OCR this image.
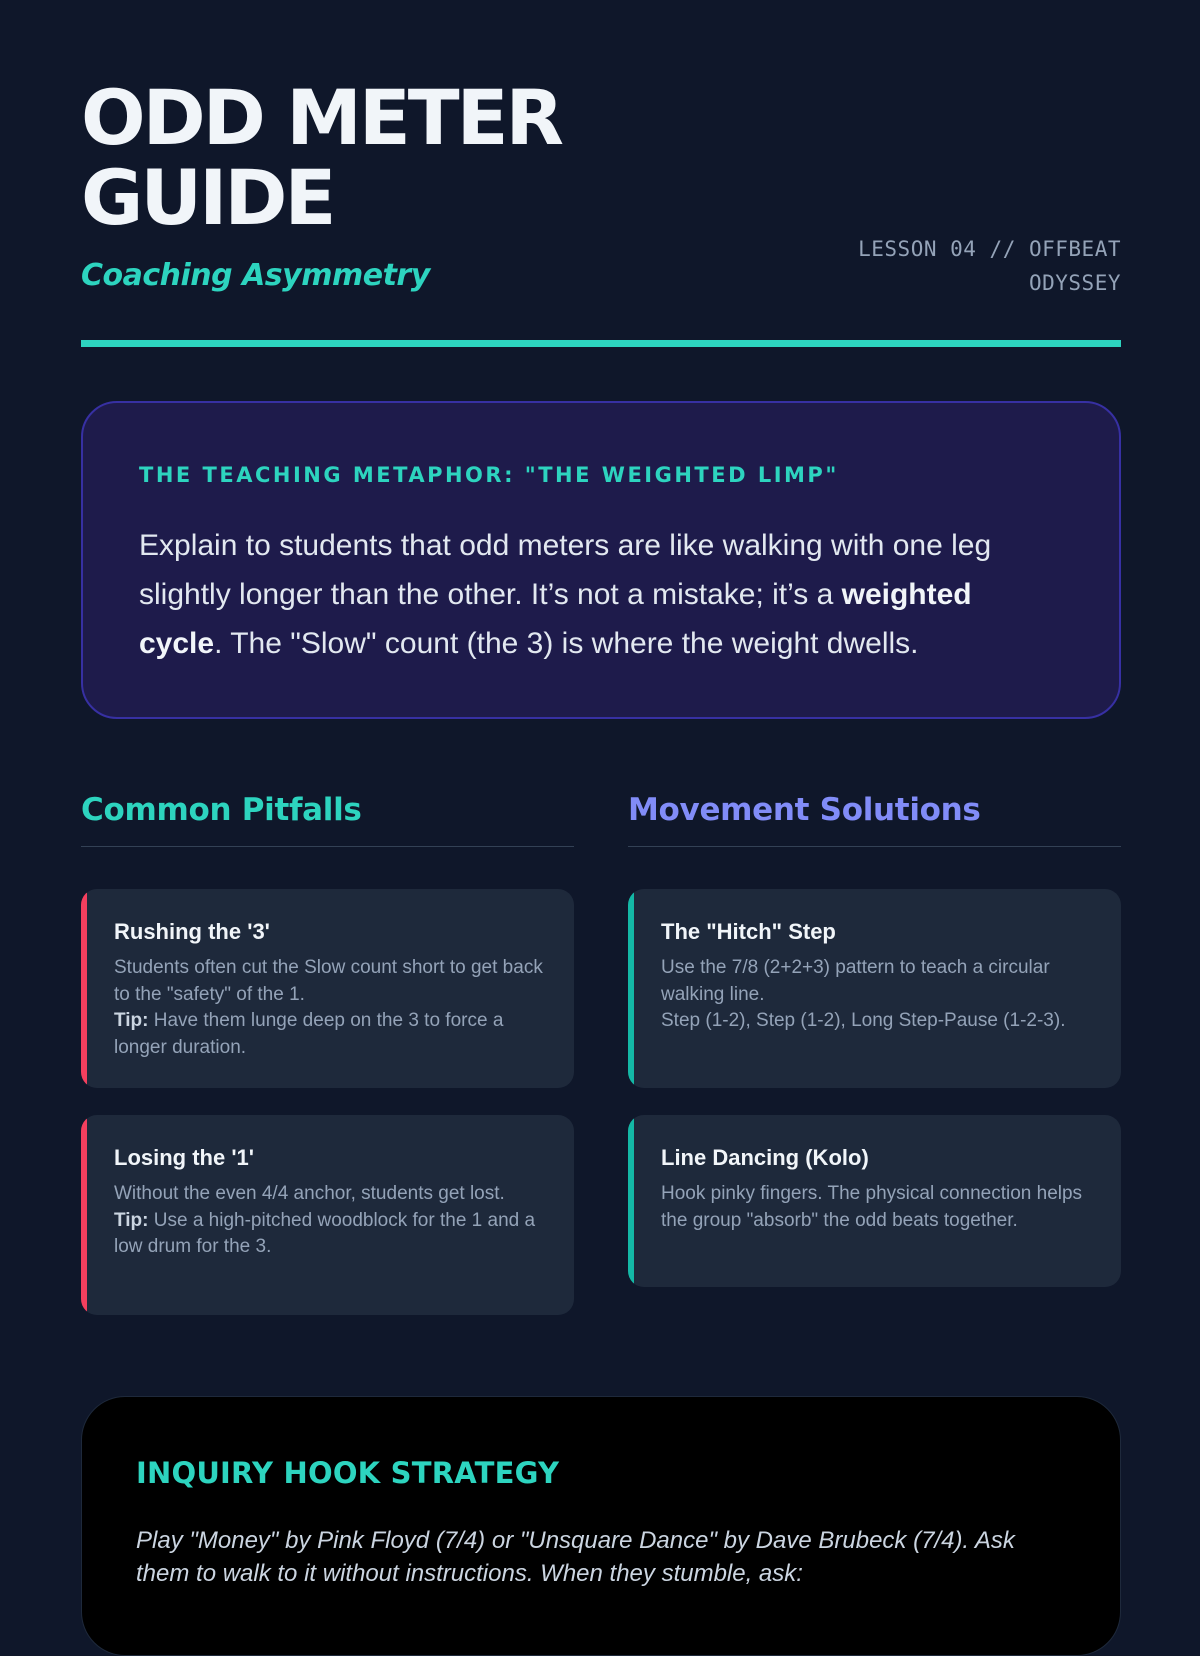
ODD METER
GUIDE
Coaching Asymmetry
LESSON 04 // OFFBEAT
ODYSSEY
THE TEACHING METAPHOR: "THE WEIGHTED LIMP"

Explain to students that odd meters are like walking with one leg slightly longer than the other. It’s not a mistake; it’s a weighted cycle. The "Slow" count (the 3) is where the weight dwells.

Common Pitfalls
Rushing the '3'
Students often cut the Slow count short to get back to the "safety" of the 1.
Tip: Have them lunge deep on the 3 to force a longer duration.
Losing the '1'
Without the even 4/4 anchor, students get lost.
Tip: Use a high-pitched woodblock for the 1 and a low drum for the 3.
Movement Solutions
The "Hitch" Step
Use the 7/8 (2+2+3) pattern to teach a circular walking line.
Step (1-2), Step (1-2), Long Step-Pause (1-2-3).
Line Dancing (Kolo)
Hook pinky fingers. The physical connection helps the group "absorb" the odd beats together.
INQUIRY HOOK STRATEGY

Play "Money" by Pink Floyd (7/4) or "Unsquare Dance" by Dave Brubeck (7/4). Ask them to walk to it without instructions. When they stumble, ask:
